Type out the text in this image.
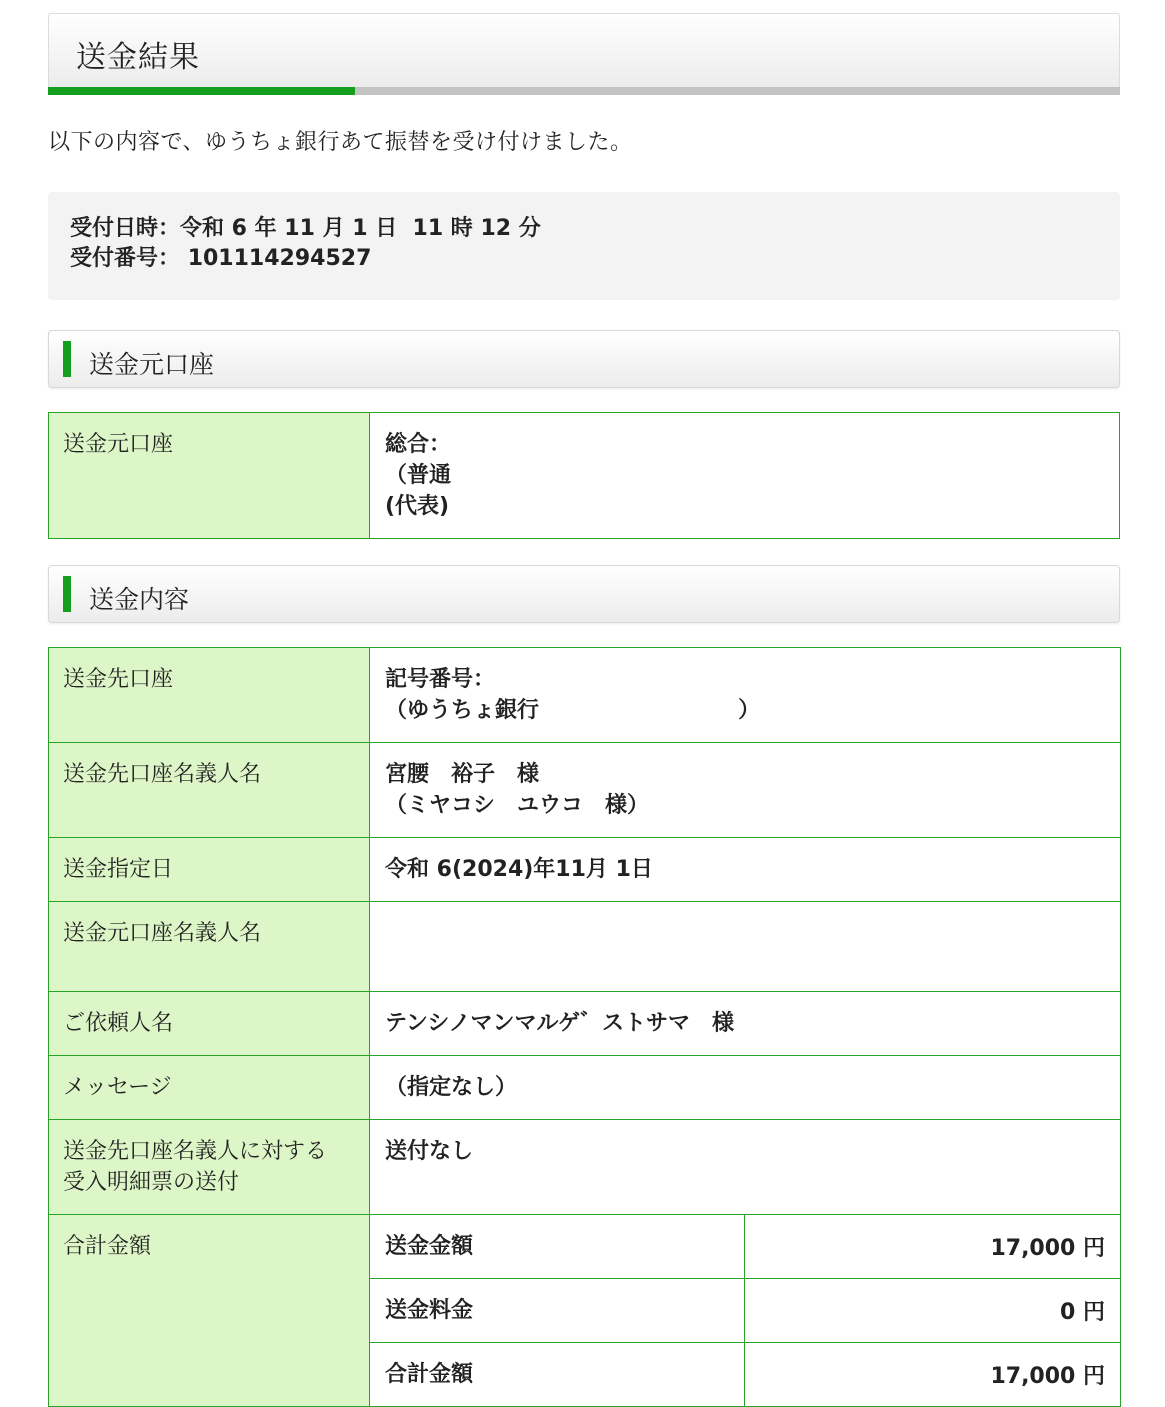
送金結果

以下の内容で、ゆうちょ銀行あて振替を受け付けました。

受付日時：令和 6 年 11 月 1 日  11 時 12 分
受付番号： 101114294527
送金元口座
送金元口座	総合：
（普通
(代表)
送金内容
送金先口座	記号番号：
（ゆうちょ銀行                          ）	

送金先口座名義人名	宮腰　裕子　様
（ミヤコシ　ユウコ　様）	

送金指定日	令和 6(2024)年11月 1日	
送金元口座名義人名		
ご依頼人名	テンシノマンマルゲ゛ストサマ　様	
メッセージ	（指定なし）	

送金先口座名義人に対する
受入明細票の送付	送付なし	
合計金額	送金金額	17,000 円
	送金料金	0 円
	合計金額	17,000 円
